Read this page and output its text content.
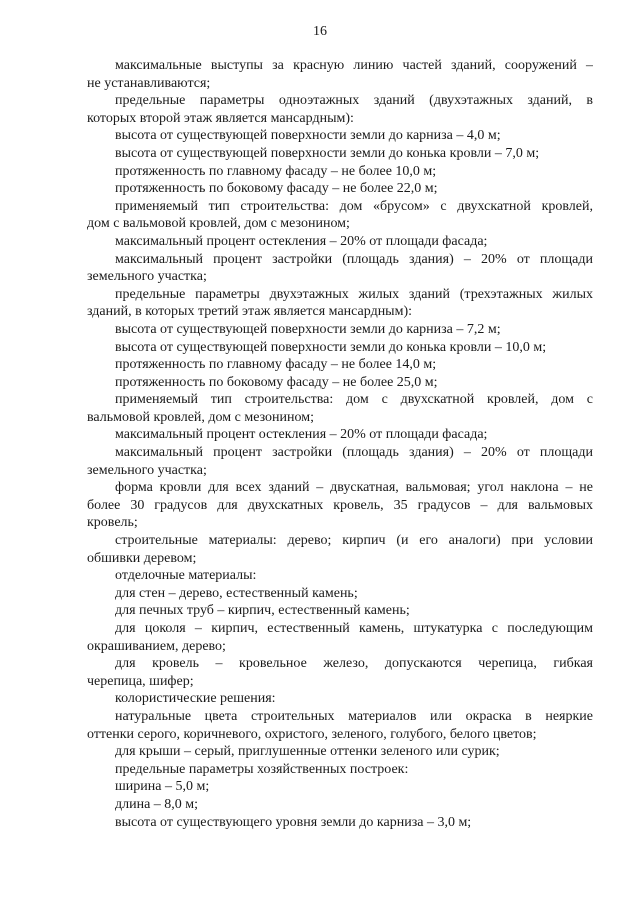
16
максимальные выступы за красную линию частей зданий, сооружений –
не устанавливаются;
предельные параметры одноэтажных зданий (двухэтажных зданий, в
которых второй этаж является мансардным):
высота от существующей поверхности земли до карниза – 4,0 м;
высота от существующей поверхности земли до конька кровли – 7,0 м;
протяженность по главному фасаду – не более 10,0 м;
протяженность по боковому фасаду – не более 22,0 м;
применяемый тип строительства: дом «брусом» с двухскатной кровлей,
дом с вальмовой кровлей, дом с мезонином;
максимальный процент остекления – 20% от площади фасада;
максимальный процент застройки (площадь здания) – 20% от площади
земельного участка;
предельные параметры двухэтажных жилых зданий (трехэтажных жилых
зданий, в которых третий этаж является мансардным):
высота от существующей поверхности земли до карниза – 7,2 м;
высота от существующей поверхности земли до конька кровли – 10,0 м;
протяженность по главному фасаду – не более 14,0 м;
протяженность по боковому фасаду – не более 25,0 м;
применяемый тип строительства: дом с двухскатной кровлей, дом с
вальмовой кровлей, дом с мезонином;
максимальный процент остекления – 20% от площади фасада;
максимальный процент застройки (площадь здания) – 20% от площади
земельного участка;
форма кровли для всех зданий – двускатная, вальмовая; угол наклона – не
более 30 градусов для двухскатных кровель, 35 градусов – для вальмовых
кровель;
строительные материалы: дерево; кирпич (и его аналоги) при условии
обшивки деревом;
отделочные материалы:
для стен – дерево, естественный камень;
для печных труб – кирпич, естественный камень;
для цоколя – кирпич, естественный камень, штукатурка с последующим
окрашиванием, дерево;
для кровель – кровельное железо, допускаются черепица, гибкая
черепица, шифер;
колористические решения:
натуральные цвета строительных материалов или окраска в неяркие
оттенки серого, коричневого, охристого, зеленого, голубого, белого цветов;
для крыши – серый, приглушенные оттенки зеленого или сурик;
предельные параметры хозяйственных построек:
ширина – 5,0 м;
длина – 8,0 м;
высота от существующего уровня земли до карниза – 3,0 м;
